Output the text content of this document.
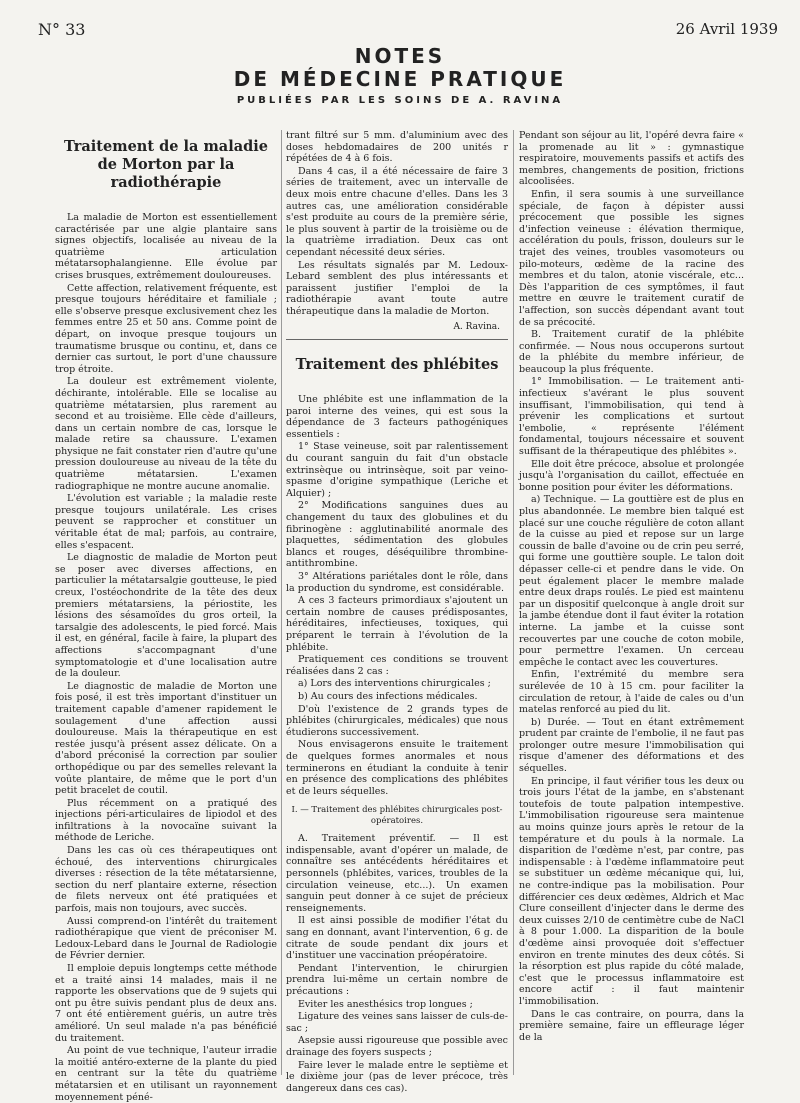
N° 33	26 Avril 1939
NOTES
DE MÉDECINE PRATIQUE
PUBLIÉES PAR LES SOINS DE A. RAVINA
Traitement de la maladie de Morton par la radiothérapie

La maladie de Morton est essentiellement caractérisée par une algie plantaire sans signes objectifs, localisée au niveau de la quatrième articulation métatarsophalangienne. Elle évolue par crises brusques, extrêmement douloureuses.

Cette affection, relativement fréquente, est presque toujours héréditaire et familiale ; elle s'observe presque exclusivement chez les femmes entre 25 et 50 ans. Comme point de départ, on invoque presque toujours un traumatisme brusque ou continu, et, dans ce dernier cas surtout, le port d'une chaussure trop étroite.

La douleur est extrêmement violente, déchirante, intolérable. Elle se localise au quatrième métatarsien, plus rarement au second et au troisième. Elle cède d'ailleurs, dans un certain nombre de cas, lorsque le malade retire sa chaussure. L'examen physique ne fait constater rien d'autre qu'une pression douloureuse au niveau de la tête du quatrième métatarsien. L'examen radiographique ne montre aucune anomalie.

L'évolution est variable ; la maladie reste presque toujours unilatérale. Les crises peuvent se rapprocher et constituer un véritable état de mal; parfois, au contraire, elles s'espacent.

Le diagnostic de maladie de Morton peut se poser avec diverses affections, en particulier la métatarsalgie goutteuse, le pied creux, l'ostéochondrite de la tête des deux premiers métatarsiens, la périostite, les lésions des sésamoïdes du gros orteil, la tarsalgie des adolescents, le pied forcé. Mais il est, en général, facile à faire, la plupart des affections s'accompagnant d'une symptomatologie et d'une localisation autre de la douleur.

Le diagnostic de maladie de Morton une fois posé, il est très important d'instituer un traitement capable d'amener rapidement le soulagement d'une affection aussi douloureuse. Mais la thérapeutique en est restée jusqu'à présent assez délicate. On a d'abord préconisé la correction par soulier orthopédique ou par des semelles relevant la voûte plantaire, de même que le port d'un petit bracelet de coutil.

Plus récemment on a pratiqué des injections péri-articulaires de lipiodol et des infiltrations à la novocaïne suivant la méthode de Leriche.

Dans les cas où ces thérapeutiques ont échoué, des interventions chirurgicales diverses : résection de la tête métatarsienne, section du nerf plantaire externe, résection de filets nerveux ont été pratiquées et parfois, mais non toujours, avec succès.

Aussi comprend-on l'intérêt du traitement radiothérapique que vient de préconiser M. Ledoux-Lebard dans le Journal de Radiologie de Février dernier.

Il emploie depuis longtemps cette méthode et a traité ainsi 14 malades, mais il ne rapporte les observations que de 9 sujets qui ont pu être suivis pendant plus de deux ans. 7 ont été entièrement guéris, un autre très amélioré. Un seul malade n'a pas bénéficié du traitement.

Au point de vue technique, l'auteur irradie la moitié antéro-externe de la plante du pied en centrant sur la tête du quatrième métatarsien et en utilisant un rayonnement moyennement péné-

trant filtré sur 5 mm. d'aluminium avec des doses hebdomadaires de 200 unités r répétées de 4 à 6 fois.

Dans 4 cas, il a été nécessaire de faire 3 séries de traitement, avec un intervalle de deux mois entre chacune d'elles. Dans les 3 autres cas, une amélioration considérable s'est produite au cours de la première série, le plus souvent à partir de la troisième ou de la quatrième irradiation. Deux cas ont cependant nécessité deux séries.

Les résultats signalés par M. Ledoux-Lebard semblent des plus intéressants et paraissent justifier l'emploi de la radiothérapie avant toute autre thérapeutique dans la maladie de Morton.

A. Ravina.
Traitement des phlébites

Une phlébite est une inflammation de la paroi interne des veines, qui est sous la dépendance de 3 facteurs pathogéniques essentiels :

1° Stase veineuse, soit par ralentissement du courant sanguin du fait d'un obstacle extrinsèque ou intrinsèque, soit par veino-spasme d'origine sympathique (Leriche et Alquier) ;

2° Modifications sanguines dues au changement du taux des globulines et du fibrinogène : agglutinabilité anormale des plaquettes, sédimentation des globules blancs et rouges, déséquilibre thrombine-antithrombine.

3° Altérations pariétales dont le rôle, dans la production du syndrome, est considérable.

A ces 3 facteurs primordiaux s'ajoutent un certain nombre de causes prédisposantes, héréditaires, infectieuses, toxiques, qui préparent le terrain à l'évolution de la phlébite.

Pratiquement ces conditions se trouvent réalisées dans 2 cas :

a) Lors des interventions chirurgicales ;

b) Au cours des infections médicales.

D'où l'existence de 2 grands types de phlébites (chirurgicales, médicales) que nous étudierons successivement.

Nous envisagerons ensuite le traitement de quelques formes anormales et nous terminerons en étudiant la conduite à tenir en présence des complications des phlébites et de leurs séquelles.

I. — Traitement des phlébites chirurgicales post-opératoires.

A. Traitement préventif. — Il est indispensable, avant d'opérer un malade, de connaître ses antécédents héréditaires et personnels (phlébites, varices, troubles de la circulation veineuse, etc...). Un examen sanguin peut donner à ce sujet de précieux renseignements.

Il est ainsi possible de modifier l'état du sang en donnant, avant l'intervention, 6 g. de citrate de soude pendant dix jours et d'instituer une vaccination préopératoire.

Pendant l'intervention, le chirurgien prendra lui-même un certain nombre de précautions :

Eviter les anesthésics trop longues ;

Ligature des veines sans laisser de culs-de-sac ;

Asepsie aussi rigoureuse que possible avec drainage des foyers suspects ;

Faire lever le malade entre le septième et le dixième jour (pas de lever précoce, très dangereux dans ces cas).

Pendant son séjour au lit, l'opéré devra faire « la promenade au lit » : gymnastique respiratoire, mouvements passifs et actifs des membres, changements de position, frictions alcoolisées.

Enfin, il sera soumis à une surveillance spéciale, de façon à dépister aussi précocement que possible les signes d'infection veineuse : élévation thermique, accélération du pouls, frisson, douleurs sur le trajet des veines, troubles vasomoteurs ou pilo-moteurs, œdème de la racine des membres et du talon, atonie viscérale, etc... Dès l'apparition de ces symptômes, il faut mettre en œuvre le traitement curatif de l'affection, son succès dépendant avant tout de sa précocité.

B. Traitement curatif de la phlébite confirmée. — Nous nous occuperons surtout de la phlébite du membre inférieur, de beaucoup la plus fréquente.

1° Immobilisation. — Le traitement anti-infectieux s'avérant le plus souvent insuffisant, l'immobilisation, qui tend à prévenir les complications et surtout l'embolie, « représente l'élément fondamental, toujours nécessaire et souvent suffisant de la thérapeutique des phlébites ».

Elle doit être précoce, absolue et prolongée jusqu'à l'organisation du caillot, effectuée en bonne position pour éviter les déformations.

a) Technique. — La gouttière est de plus en plus abandonnée. Le membre bien talqué est placé sur une couche régulière de coton allant de la cuisse au pied et repose sur un large coussin de balle d'avoine ou de crin peu serré, qui forme une gouttière souple. Le talon doit dépasser celle-ci et pendre dans le vide. On peut également placer le membre malade entre deux draps roulés. Le pied est maintenu par un dispositif quelconque à angle droit sur la jambe étendue dont il faut éviter la rotation interne. La jambe et la cuisse sont recouvertes par une couche de coton mobile, pour permettre l'examen. Un cerceau empêche le contact avec les couvertures.

Enfin, l'extrémité du membre sera surélevée de 10 à 15 cm. pour faciliter la circulation de retour, à l'aide de cales ou d'un matelas renforcé au pied du lit.

b) Durée. — Tout en étant extrêmement prudent par crainte de l'embolie, il ne faut pas prolonger outre mesure l'immobilisation qui risque d'amener des déformations et des séquelles.

En principe, il faut vérifier tous les deux ou trois jours l'état de la jambe, en s'abstenant toutefois de toute palpation intempestive. L'immobilisation rigoureuse sera maintenue au moins quinze jours après le retour de la température et du pouls à la normale. La disparition de l'œdème n'est, par contre, pas indispensable : à l'œdème inflammatoire peut se substituer un œdème mécanique qui, lui, ne contre-indique pas la mobilisation. Pour différencier ces deux œdèmes, Aldrich et Mac Clure conseillent d'injecter dans le derme des deux cuisses 2/10 de centimètre cube de NaCl à 8 pour 1.000. La disparition de la boule d'œdème ainsi provoquée doit s'effectuer environ en trente minutes des deux côtés. Si la résorption est plus rapide du côté malade, c'est que le processus inflammatoire est encore actif : il faut maintenir l'immobilisation.

Dans le cas contraire, on pourra, dans la première semaine, faire un effleurage léger de la
